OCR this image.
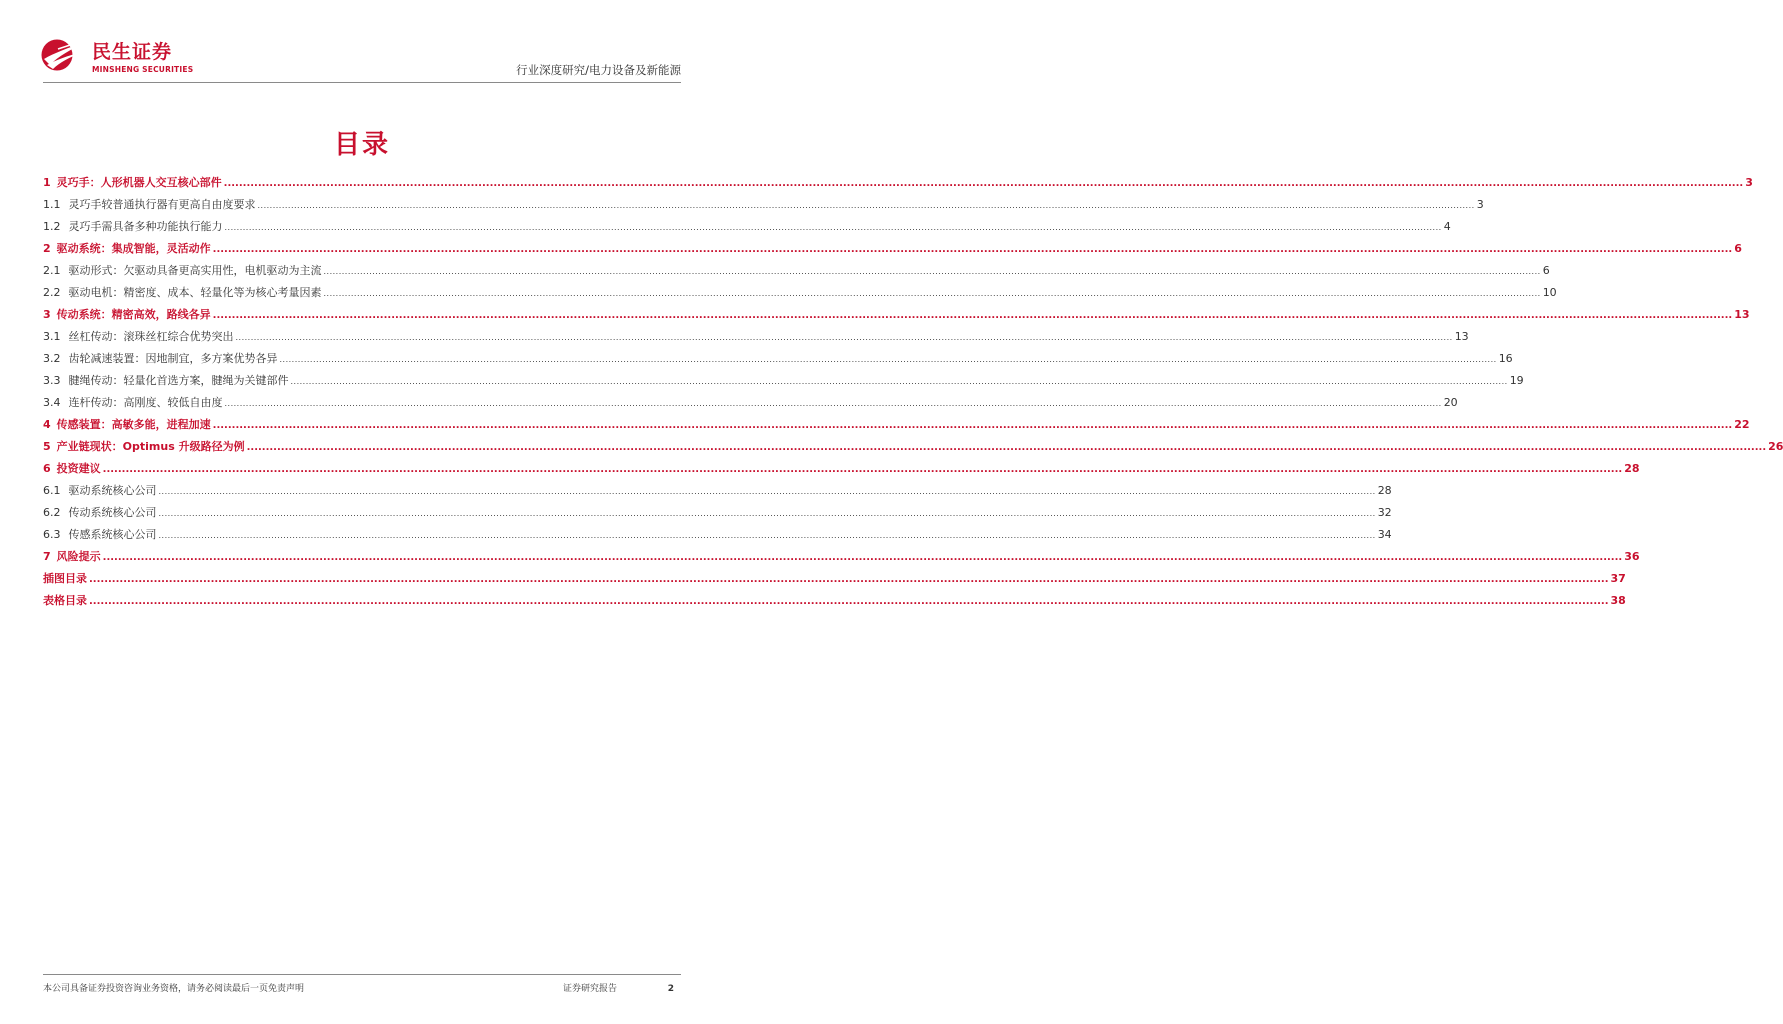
民生证券
MINSHENG SECURITIES	行业深度研究/电力设备及新能源
目录
1 灵巧手：人形机器人交互核心部件 ................................................................................................................................................................................................................................................................................................................................................................................................................ 3
1.1 灵巧手较普通执行器有更高自由度要求 ................................................................................................................................................................................................................................................................................................................................................................................................................ 3
1.2 灵巧手需具备多种功能执行能力 ................................................................................................................................................................................................................................................................................................................................................................................................................ 4
2 驱动系统：集成智能，灵活动作 ................................................................................................................................................................................................................................................................................................................................................................................................................ 6
2.1 驱动形式：欠驱动具备更高实用性，电机驱动为主流 ................................................................................................................................................................................................................................................................................................................................................................................................................ 6
2.2 驱动电机：精密度、成本、轻量化等为核心考量因素 ................................................................................................................................................................................................................................................................................................................................................................................................................ 10
3 传动系统：精密高效，路线各异 ................................................................................................................................................................................................................................................................................................................................................................................................................ 13
3.1 丝杠传动：滚珠丝杠综合优势突出 ................................................................................................................................................................................................................................................................................................................................................................................................................ 13
3.2 齿轮减速装置：因地制宜，多方案优势各异 ................................................................................................................................................................................................................................................................................................................................................................................................................ 16
3.3 腱绳传动：轻量化首选方案，腱绳为关键部件 ................................................................................................................................................................................................................................................................................................................................................................................................................ 19
3.4 连杆传动：高刚度、较低自由度 ................................................................................................................................................................................................................................................................................................................................................................................................................ 20
4 传感装置：高敏多能，进程加速 ................................................................................................................................................................................................................................................................................................................................................................................................................ 22
5 产业链现状：Optimus 升级路径为例 ................................................................................................................................................................................................................................................................................................................................................................................................................ 26
6 投资建议 ................................................................................................................................................................................................................................................................................................................................................................................................................ 28
6.1 驱动系统核心公司 ................................................................................................................................................................................................................................................................................................................................................................................................................ 28
6.2 传动系统核心公司 ................................................................................................................................................................................................................................................................................................................................................................................................................ 32
6.3 传感系统核心公司 ................................................................................................................................................................................................................................................................................................................................................................................................................ 34
7 风险提示 ................................................................................................................................................................................................................................................................................................................................................................................................................ 36
插图目录 ................................................................................................................................................................................................................................................................................................................................................................................................................ 37
表格目录 ................................................................................................................................................................................................................................................................................................................................................................................................................ 38
本公司具备证券投资咨询业务资格，请务必阅读最后一页免责声明	证券研究报告	2
